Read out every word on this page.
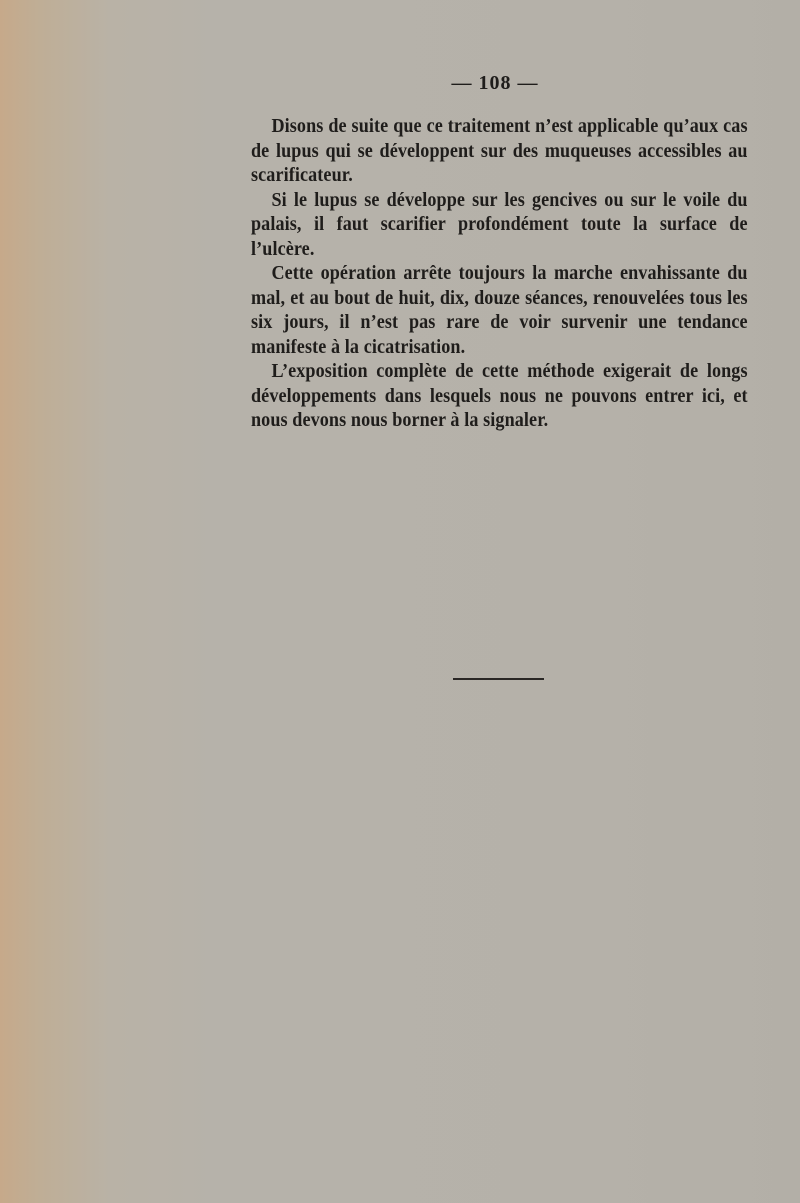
— 108 —

Disons de suite que ce traitement n’est applicable qu’aux cas de lupus qui se développent sur des muqueuses accessibles au scarificateur.

Si le lupus se développe sur les gencives ou sur le voile du palais, il faut scarifier profondément toute la surface de l’ulcère.

Cette opération arrête toujours la marche envahissante du mal, et au bout de huit, dix, douze séances, renouvelées tous les six jours, il n’est pas rare de voir survenir une tendance manifeste à la cicatrisation.

L’exposition complète de cette méthode exigerait de longs développements dans lesquels nous ne pouvons entrer ici, et nous devons nous borner à la signaler.
